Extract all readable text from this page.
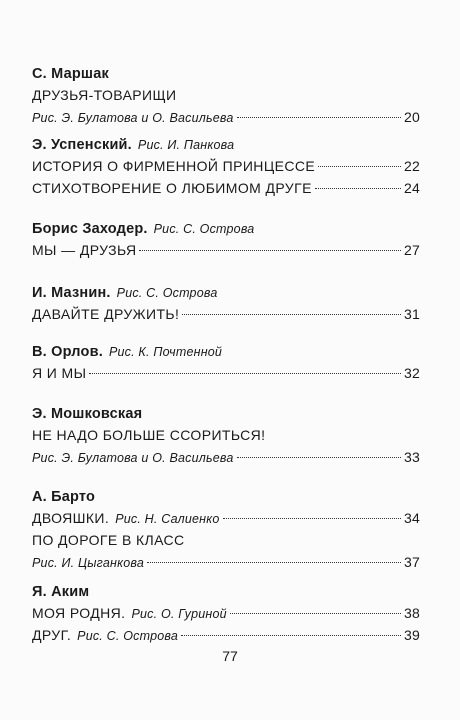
С. Маршак
ДРУЗЬЯ-ТОВАРИЩИ
Рис. Э. Булатова и О. Васильева	20
Э. Успенский. Рис. И. Панкова
ИСТОРИЯ О ФИРМЕННОЙ ПРИНЦЕССЕ	22
СТИХОТВОРЕНИЕ О ЛЮБИМОМ ДРУГЕ	24
Борис Заходер. Рис. С. Острова
МЫ — ДРУЗЬЯ	27
И. Мазнин. Рис. С. Острова
ДАВАЙТЕ ДРУЖИТЬ!	31
В. Орлов. Рис. К. Почтенной
Я И МЫ	32
Э. Мошковская
НЕ НАДО БОЛЬШЕ ССОРИТЬСЯ!
Рис. Э. Булатова и О. Васильева	33
А. Барто
ДВОЯШКИ. Рис. Н. Салиенко	34
ПО ДОРОГЕ В КЛАСС
Рис. И. Цыганкова	37
Я. Аким
МОЯ РОДНЯ. Рис. О. Гуриной	38
ДРУГ. Рис. С. Острова	39
77
